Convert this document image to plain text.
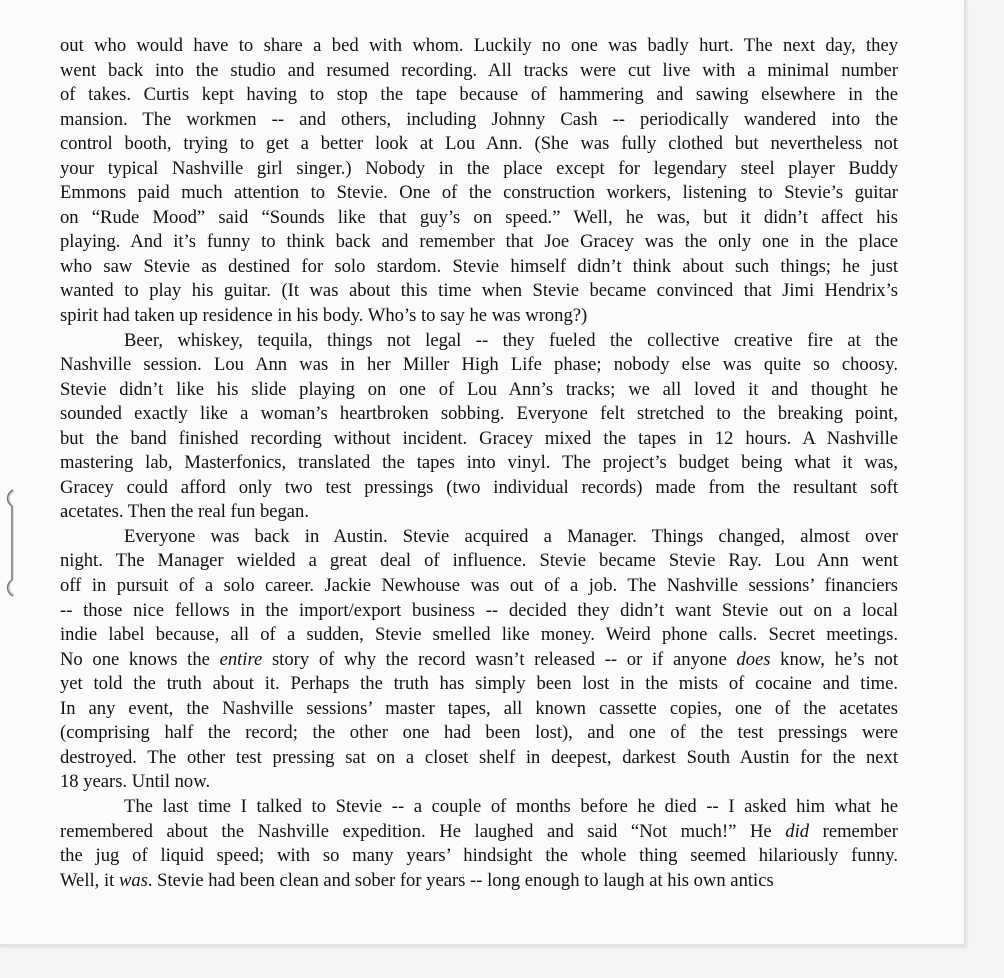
out who would have to share a bed with whom. Luckily no one was badly hurt. The next day, they
went back into the studio and resumed recording. All tracks were cut live with a minimal number
of takes. Curtis kept having to stop the tape because of hammering and sawing elsewhere in the
mansion. The workmen -- and others, including Johnny Cash -- periodically wandered into the
control booth, trying to get a better look at Lou Ann. (She was fully clothed but nevertheless not
your typical Nashville girl singer.) Nobody in the place except for legendary steel player Buddy
Emmons paid much attention to Stevie. One of the construction workers, listening to Stevie’s guitar
on “Rude Mood” said “Sounds like that guy’s on speed.” Well, he was, but it didn’t affect his
playing. And it’s funny to think back and remember that Joe Gracey was the only one in the place
who saw Stevie as destined for solo stardom. Stevie himself didn’t think about such things; he just
wanted to play his guitar. (It was about this time when Stevie became convinced that Jimi Hendrix’s
spirit had taken up residence in his body. Who’s to say he was wrong?)

Beer, whiskey, tequila, things not legal -- they fueled the collective creative fire at the
Nashville session. Lou Ann was in her Miller High Life phase; nobody else was quite so choosy.
Stevie didn’t like his slide playing on one of Lou Ann’s tracks; we all loved it and thought he
sounded exactly like a woman’s heartbroken sobbing. Everyone felt stretched to the breaking point,
but the band finished recording without incident. Gracey mixed the tapes in 12 hours. A Nashville
mastering lab, Masterfonics, translated the tapes into vinyl. The project’s budget being what it was,
Gracey could afford only two test pressings (two individual records) made from the resultant soft
acetates. Then the real fun began.

Everyone was back in Austin. Stevie acquired a Manager. Things changed, almost over
night. The Manager wielded a great deal of influence. Stevie became Stevie Ray. Lou Ann went
off in pursuit of a solo career. Jackie Newhouse was out of a job. The Nashville sessions’ financiers
-- those nice fellows in the import/export business -- decided they didn’t want Stevie out on a local
indie label because, all of a sudden, Stevie smelled like money. Weird phone calls. Secret meetings.
No one knows the entire story of why the record wasn’t released -- or if anyone does know, he’s not
yet told the truth about it. Perhaps the truth has simply been lost in the mists of cocaine and time.
In any event, the Nashville sessions’ master tapes, all known cassette copies, one of the acetates
(comprising half the record; the other one had been lost), and one of the test pressings were
destroyed. The other test pressing sat on a closet shelf in deepest, darkest South Austin for the next
18 years. Until now.

The last time I talked to Stevie -- a couple of months before he died -- I asked him what he
remembered about the Nashville expedition. He laughed and said “Not much!” He did remember
the jug of liquid speed; with so many years’ hindsight the whole thing seemed hilariously funny.
Well, it was. Stevie had been clean and sober for years -- long enough to laugh at his own antics
